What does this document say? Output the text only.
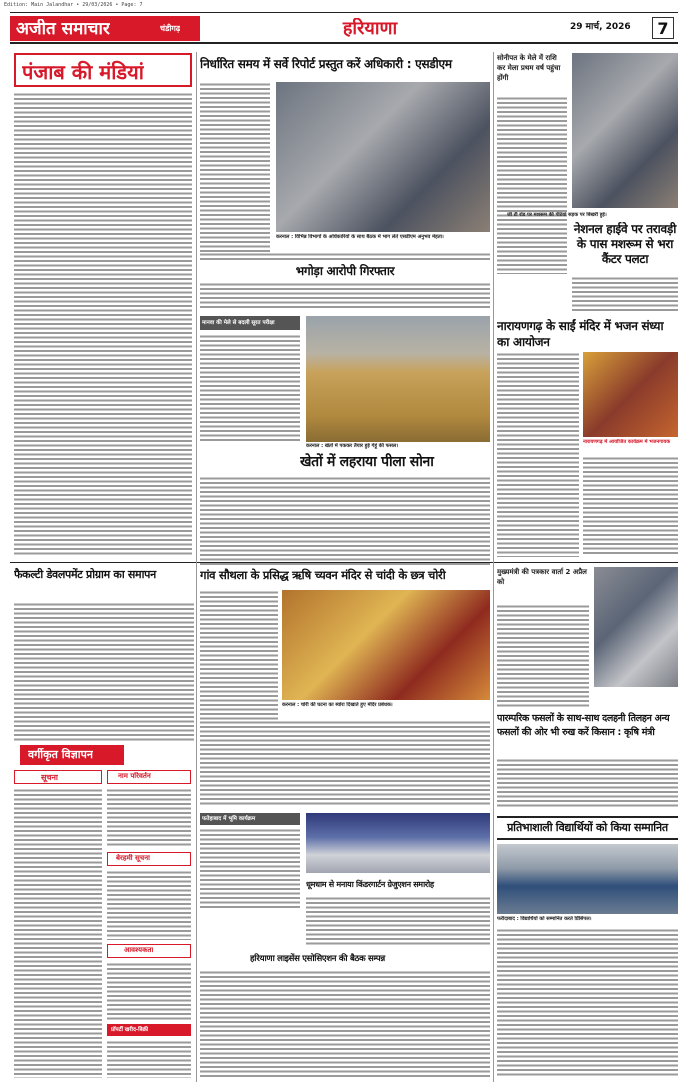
Edition: Main Jalandhar • 29/03/2026 • Page: 7
अजीत समाचार	चंडीगढ़	हरियाणा	29 मार्च, 2026	7
पंजाब की मंडियां	निर्धारित समय में सर्वे रिपोर्ट प्रस्तुत करें अधिकारी : एसडीएम
करनाल : विभिन्न विभागों के अधिकारियों के साथ बैठक में भाग लेते एसडीएम अनुभव मेहता।
भगोड़ा आरोपी गिरफ्तार
मानवा की मेले से बदली सूरत परीक्षा
करनाल : खेतों में पककर तैयार हुई गेहूं की फसल।
खेतों में लहराया पीला सोना
सोनीपत के मेले में राशि कर मेला प्रथम वर्ष पहुंचा होंगी
जी टी रोड पर मशरूम की पेटियां सड़क पर बिखरी हुई।
नेशनल हाईवे पर तरावड़ी के पास मशरूम से भरा कैंटर पलटा
नारायणगढ़ के साईं मंदिर में भजन संध्या का आयोजन
नारायणगढ़ में आयोजित कार्यक्रम में भजनगायक
फैकल्टी डेवलपमेंट प्रोग्राम का समापन
वर्गीकृत विज्ञापन
सूचना	नाम परिवर्तन
बेरहमी सूचना
आवश्यकता
प्रॉपर्टी खरीद-बिक्री
गांव सौथला के प्रसिद्ध ऋषि च्यवन मंदिर से चांदी के छत्र चोरी
करनाल : चोरी की घटना का ब्योरा दिखाते हुए मंदिर प्रबंधक।
फतेहाबाद में भूमि कार्यक्रम
धूमधाम से मनाया किंडरगार्टन ग्रेजुएशन समारोह
हरियाणा लाइसेंस एसोसिएशन की बैठक सम्पन्न
मुख्यमंत्री की पत्रकार वार्ता 2 अप्रैल को
पारम्परिक फसलों के साथ-साथ दलहनी तिलहन अन्य फसलों की ओर भी रुख करें किसान : कृषि मंत्री
प्रतिभाशाली विद्यार्थियों को किया सम्मानित
फरीदाबाद : विद्यार्थियों को सम्मानित करते प्रिंसिपल।
